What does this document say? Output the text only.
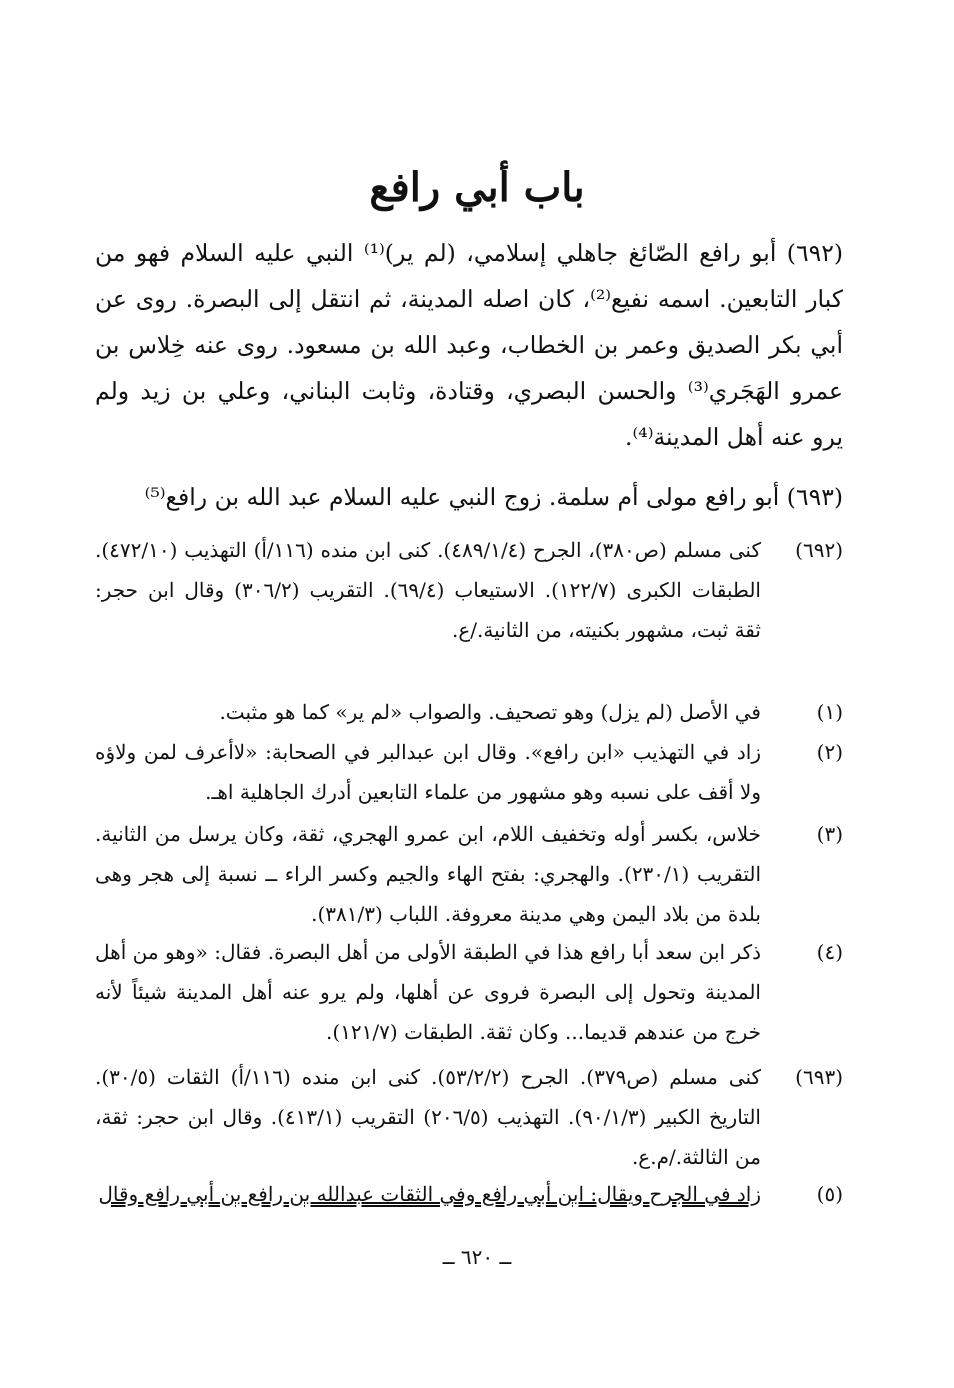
باب أبي رافع

(٦٩٢) أبو رافع الصّائغ جاهلي إسلامي، (لم ير)⁽¹⁾ النبي عليه السلام فهو من كبار التابعين. اسمه نفيع⁽²⁾، كان اصله المدينة، ثم انتقل إلى البصرة. روى عن أبي بكر الصديق وعمر بن الخطاب، وعبد الله بن مسعود. روى عنه خِلاس بن عمرو الهَجَري⁽³⁾ والحسن البصري، وقتادة، وثابت البناني، وعلي بن زيد ولم يرو عنه أهل المدينة⁽⁴⁾.

(٦٩٣) أبو رافع مولى أم سلمة. زوج النبي عليه السلام عبد الله بن رافع⁽⁵⁾

(٦٩٢)
كنى مسلم (ص٣٨٠)، الجرح (٤٨٩/١/٤). كنى ابن منده (١١٦/أ) التهذيب (٤٧٢/١٠). الطبقات الكبرى (١٢٢/٧). الاستيعاب (٦٩/٤). التقريب (٣٠٦/٢) وقال ابن حجر: ثقة ثبت، مشهور بكنيته، من الثانية./ع.
(١)
في الأصل (لم يزل) وهو تصحيف. والصواب «لم ير» كما هو مثبت.
(٢)
زاد في التهذيب «ابن رافع». وقال ابن عبدالبر في الصحابة: «لاأعرف لمن ولاؤه ولا أقف على نسبه وهو مشهور من علماء التابعين أدرك الجاهلية اهـ.
(٣)
خلاس، بكسر أوله وتخفيف اللام، ابن عمرو الهجري، ثقة، وكان يرسل من الثانية. التقريب (٢٣٠/١). والهجري: بفتح الهاء والجيم وكسر الراء ــ نسبة إلى هجر وهى بلدة من بلاد اليمن وهي مدينة معروفة. اللباب (٣٨١/٣).
(٤)
ذكر ابن سعد أبا رافع هذا في الطبقة الأولى من أهل البصرة. فقال: «وهو من أهل المدينة وتحول إلى البصرة فروى عن أهلها، ولم يرو عنه أهل المدينة شيئاً لأنه خرج من عندهم قديما... وكان ثقة. الطبقات (١٢١/٧).
(٦٩٣)
كنى مسلم (ص٣٧٩). الجرح (٥٣/٢/٢). كنى ابن منده (١١٦/أ) الثقات (٣٠/٥). التاريخ الكبير (٩٠/١/٣). التهذيب (٢٠٦/٥) التقريب (٤١٣/١). وقال ابن حجر: ثقة، من الثالثة./م.ع.
(٥)
زاد في الجرح ويقال: ابن أبي رافع وفي الثقات عبدالله بن رافع بن أبي رافع وقال
ــ ٦٢٠ ــ
